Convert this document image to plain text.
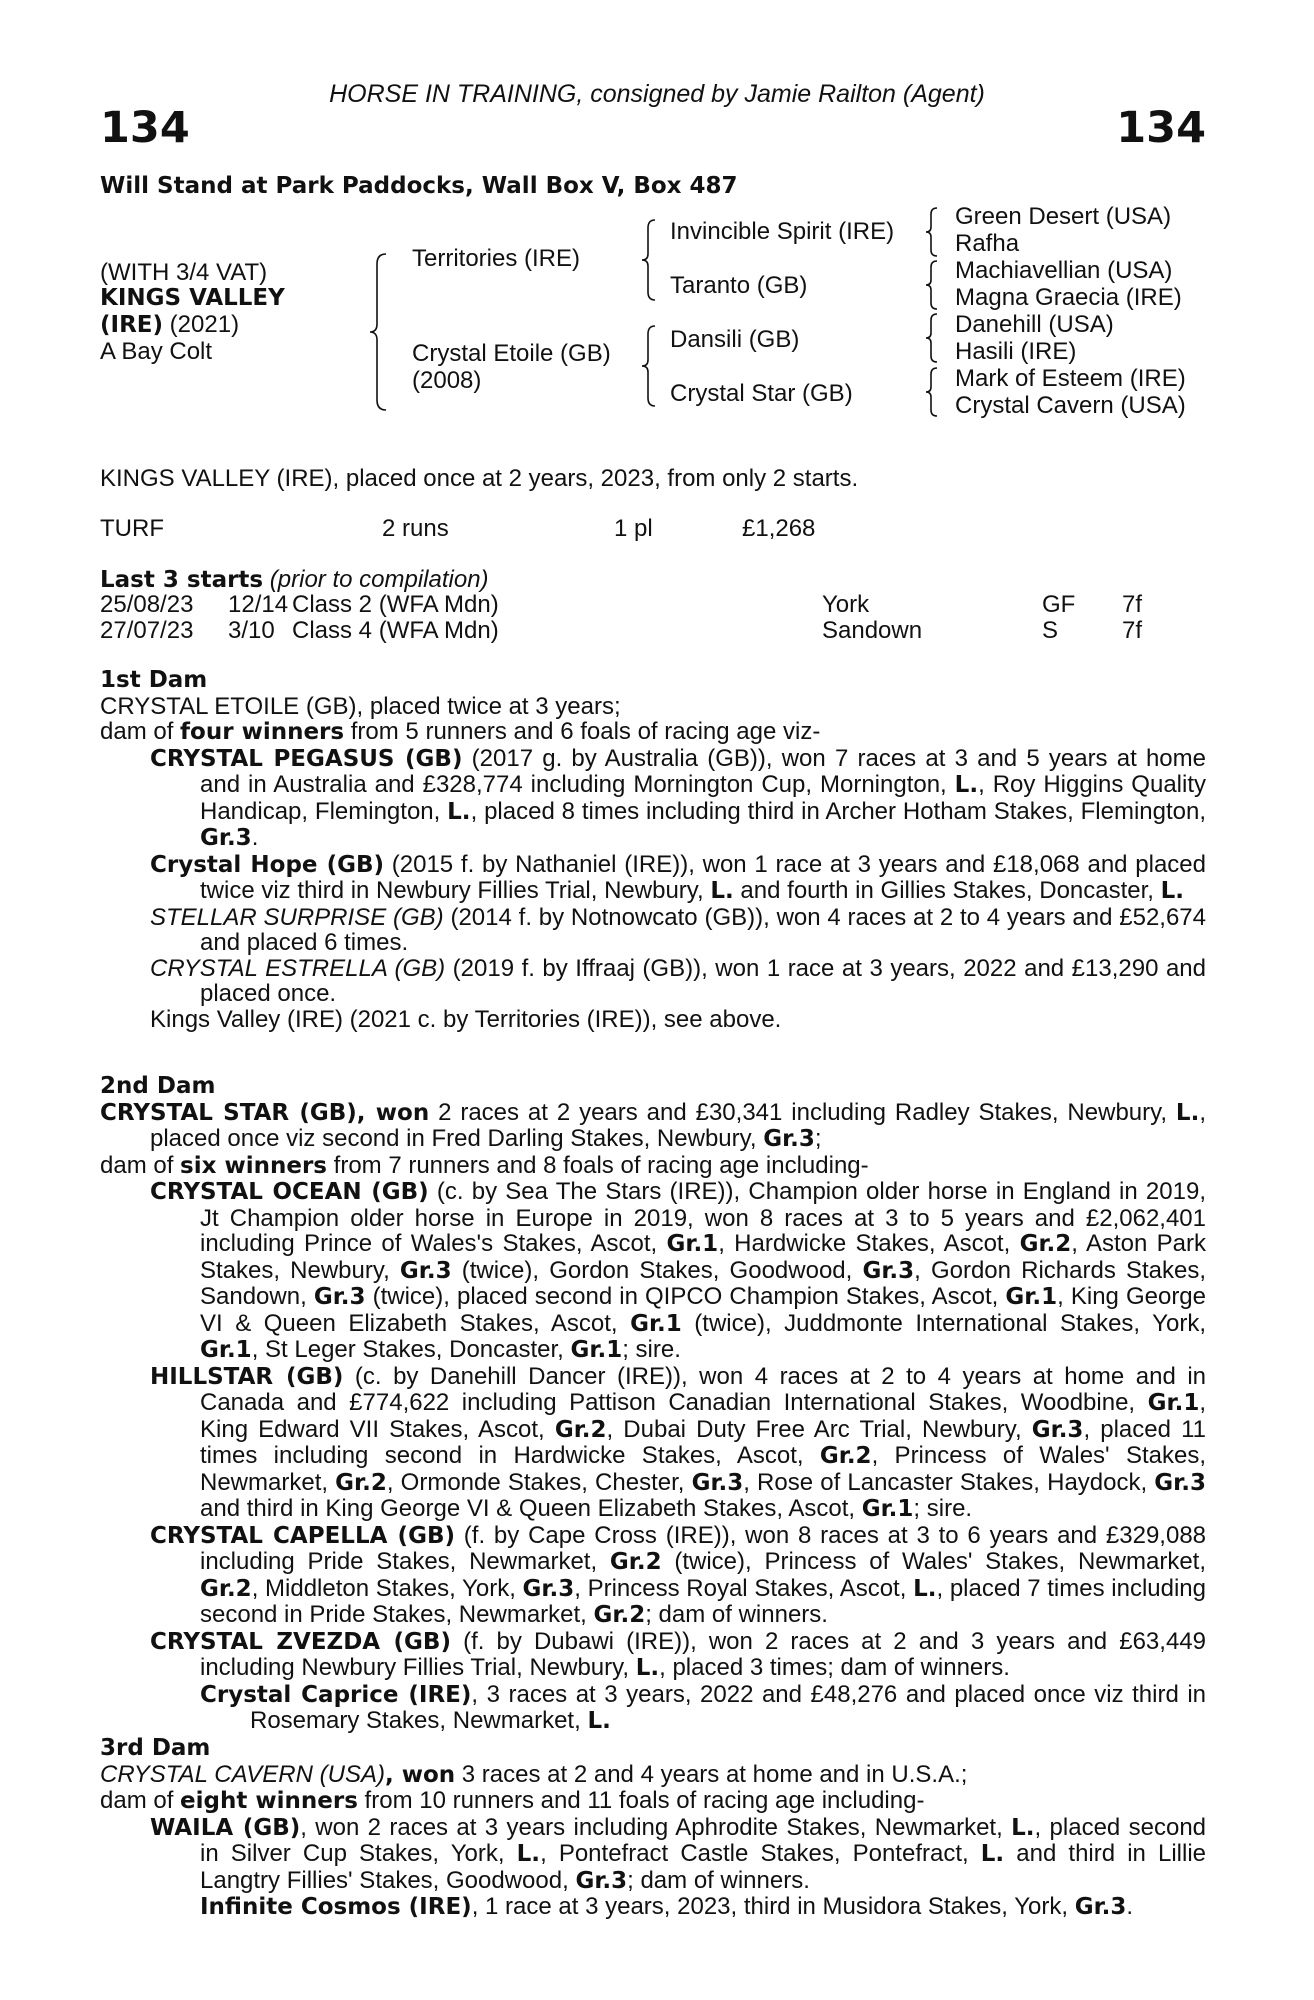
HORSE IN TRAINING, consigned by Jamie Railton (Agent)
134	134
Will Stand at Park Paddocks, Wall Box V, Box 487
(WITH 3/4 VAT)
KINGS VALLEY
(IRE) (2021)
A Bay Colt
Territories (IRE)
Crystal Etoile (GB)
(2008)
Invincible Spirit (IRE)
Taranto (GB)
Dansili (GB)
Crystal Star (GB)
Green Desert (USA)
Rafha
Machiavellian (USA)
Magna Graecia (IRE)
Danehill (USA)
Hasili (IRE)
Mark of Esteem (IRE)
Crystal Cavern (USA)
KINGS VALLEY (IRE), placed once at 2 years, 2023, from only 2 starts.
TURF	2 runs	1 pl	£1,268
Last 3 starts (prior to compilation)
25/08/23 12/14 Class 2 (WFA Mdn)	York	GF 7f
27/07/23 3/10 Class 4 (WFA Mdn)	Sandown	S	7f

1st Dam

CRYSTAL ETOILE (GB), placed twice at 3 years;

dam of four winners from 5 runners and 6 foals of racing age viz-

CRYSTAL PEGASUS (GB) (2017 g. by Australia (GB)), won 7 races at 3 and 5 years at home and in Australia and £328,774 including Mornington Cup, Mornington, L., Roy Higgins Quality Handicap, Flemington, L., placed 8 times including third in Archer Hotham Stakes, Flemington, Gr.3.

Crystal Hope (GB) (2015 f. by Nathaniel (IRE)), won 1 race at 3 years and £18,068 and placed twice viz third in Newbury Fillies Trial, Newbury, L. and fourth in Gillies Stakes, Doncaster, L.

STELLAR SURPRISE (GB) (2014 f. by Notnowcato (GB)), won 4 races at 2 to 4 years and £52,674 and placed 6 times.

CRYSTAL ESTRELLA (GB) (2019 f. by Iffraaj (GB)), won 1 race at 3 years, 2022 and £13,290 and placed once.

Kings Valley (IRE) (2021 c. by Territories (IRE)), see above.

2nd Dam

CRYSTAL STAR (GB), won 2 races at 2 years and £30,341 including Radley Stakes, Newbury, L., placed once viz second in Fred Darling Stakes, Newbury, Gr.3;

dam of six winners from 7 runners and 8 foals of racing age including-

CRYSTAL OCEAN (GB) (c. by Sea The Stars (IRE)), Champion older horse in England in 2019, Jt Champion older horse in Europe in 2019, won 8 races at 3 to 5 years and £2,062,401 including Prince of Wales's Stakes, Ascot, Gr.1, Hardwicke Stakes, Ascot, Gr.2, Aston Park Stakes, Newbury, Gr.3 (twice), Gordon Stakes, Goodwood, Gr.3, Gordon Richards Stakes, Sandown, Gr.3 (twice), placed second in QIPCO Champion Stakes, Ascot, Gr.1, King George VI & Queen Elizabeth Stakes, Ascot, Gr.1 (twice), Juddmonte International Stakes, York, Gr.1, St Leger Stakes, Doncaster, Gr.1; sire.

HILLSTAR (GB) (c. by Danehill Dancer (IRE)), won 4 races at 2 to 4 years at home and in Canada and £774,622 including Pattison Canadian International Stakes, Woodbine, Gr.1, King Edward VII Stakes, Ascot, Gr.2, Dubai Duty Free Arc Trial, Newbury, Gr.3, placed 11 times including second in Hardwicke Stakes, Ascot, Gr.2, Princess of Wales' Stakes, Newmarket, Gr.2, Ormonde Stakes, Chester, Gr.3, Rose of Lancaster Stakes, Haydock, Gr.3 and third in King George VI & Queen Elizabeth Stakes, Ascot, Gr.1; sire.

CRYSTAL CAPELLA (GB) (f. by Cape Cross (IRE)), won 8 races at 3 to 6 years and £329,088 including Pride Stakes, Newmarket, Gr.2 (twice), Princess of Wales' Stakes, Newmarket, Gr.2, Middleton Stakes, York, Gr.3, Princess Royal Stakes, Ascot, L., placed 7 times including second in Pride Stakes, Newmarket, Gr.2; dam of winners.

CRYSTAL ZVEZDA (GB) (f. by Dubawi (IRE)), won 2 races at 2 and 3 years and £63,449 including Newbury Fillies Trial, Newbury, L., placed 3 times; dam of winners.

Crystal Caprice (IRE), 3 races at 3 years, 2022 and £48,276 and placed once viz third in Rosemary Stakes, Newmarket, L.

3rd Dam

CRYSTAL CAVERN (USA), won 3 races at 2 and 4 years at home and in U.S.A.;

dam of eight winners from 10 runners and 11 foals of racing age including-

WAILA (GB), won 2 races at 3 years including Aphrodite Stakes, Newmarket, L., placed second in Silver Cup Stakes, York, L., Pontefract Castle Stakes, Pontefract, L. and third in Lillie Langtry Fillies' Stakes, Goodwood, Gr.3; dam of winners.

Infinite Cosmos (IRE), 1 race at 3 years, 2023, third in Musidora Stakes, York, Gr.3.
